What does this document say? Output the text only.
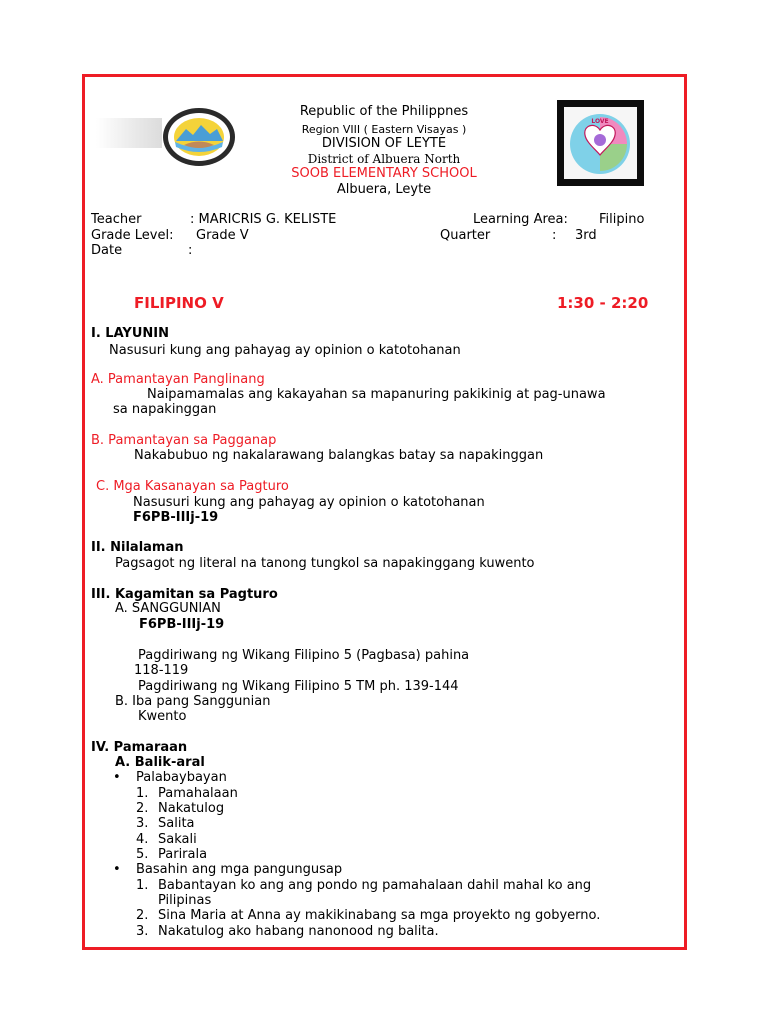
LOVE
Republic of the Philippnes
Region VIII ( Eastern Visayas )
DIVISION OF LEYTE
District of Albuera North
SOOB ELEMENTARY SCHOOL
Albuera, Leyte
Teacher	: MARICRIS G. KELISTE	Learning Area: Filipino
Grade Level: Grade V	Quarter	: 3rd
Date	:
FILIPINO V	1:30 - 2:20
I. LAYUNIN
Nasusuri kung ang pahayag ay opinion o katotohanan
A. Pamantayan Panglinang
Naipamamalas ang kakayahan sa mapanuring pakikinig at pag-unawa
sa napakinggan
B. Pamantayan sa Pagganap
Nakabubuo ng nakalarawang balangkas batay sa napakinggan
C. Mga Kasanayan sa Pagturo
Nasusuri kung ang pahayag ay opinion o katotohanan
F6PB-IIIj-19
II. Nilalaman
Pagsagot ng literal na tanong tungkol sa napakinggang kuwento
III. Kagamitan sa Pagturo
A. SANGGUNIAN
F6PB-IIIj-19
Pagdiriwang ng Wikang Filipino 5 (Pagbasa) pahina
118-119
Pagdiriwang ng Wikang Filipino 5 TM ph. 139-144
B. Iba pang Sanggunian
Kwento
IV. Pamaraan
A. Balik-aral
• Palabaybayan
1. Pamahalaan
2. Nakatulog
3. Salita
4. Sakali
5. Parirala
• Basahin ang mga pangungusap
1. Babantayan ko ang ang pondo ng pamahalaan dahil mahal ko ang
Pilipinas
2. Sina Maria at Anna ay makikinabang sa mga proyekto ng gobyerno.
3. Nakatulog ako habang nanonood ng balita.
